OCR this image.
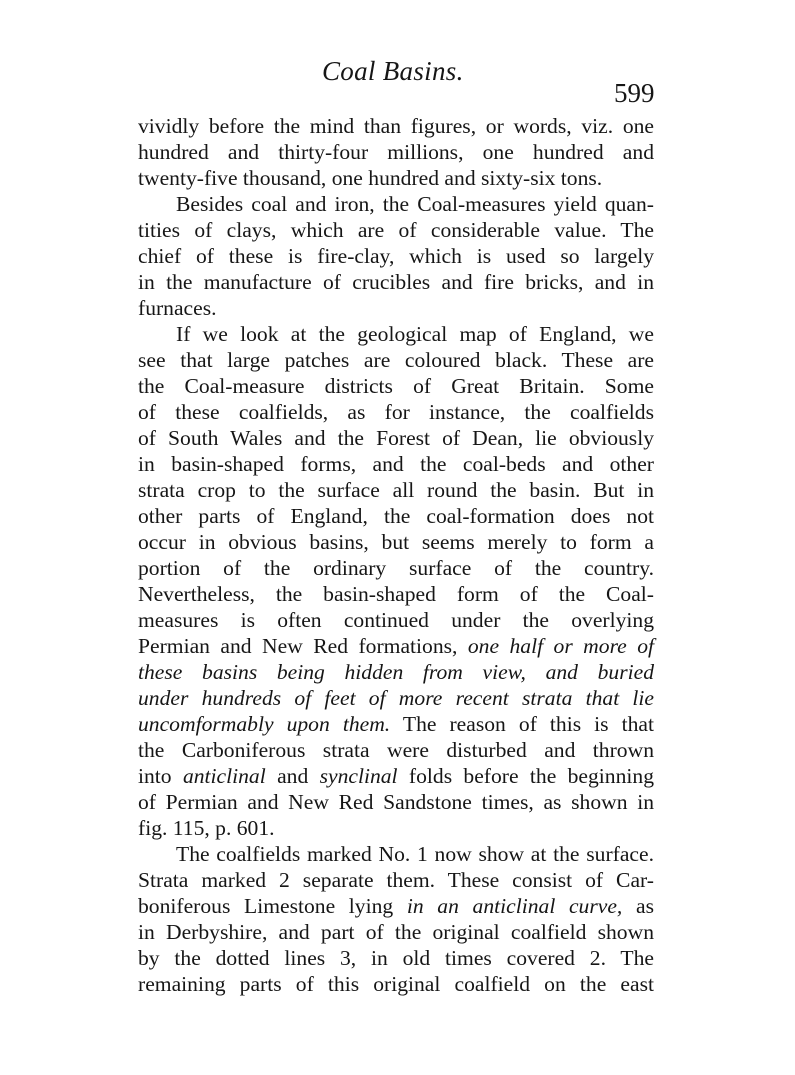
Coal Basins.
599
vividly before the mind than figures, or words, viz. one
hundred and thirty-four millions, one hundred and
twenty-five thousand, one hundred and sixty-six tons.
Besides coal and iron, the Coal-measures yield quan-
tities of clays, which are of considerable value. The
chief of these is fire-clay, which is used so largely
in the manufacture of crucibles and fire bricks, and in
furnaces.
If we look at the geological map of England, we
see that large patches are coloured black. These are
the Coal-measure districts of Great Britain. Some
of these coalfields, as for instance, the coalfields
of South Wales and the Forest of Dean, lie obviously
in basin-shaped forms, and the coal-beds and other
strata crop to the surface all round the basin. But in
other parts of England, the coal-formation does not
occur in obvious basins, but seems merely to form a
portion of the ordinary surface of the country.
Nevertheless, the basin-shaped form of the Coal-
measures is often continued under the overlying
Permian and New Red formations, one half or more of
these basins being hidden from view, and buried
under hundreds of feet of more recent strata that lie
uncomformably upon them. The reason of this is that
the Carboniferous strata were disturbed and thrown
into anticlinal and synclinal folds before the beginning
of Permian and New Red Sandstone times, as shown in
fig. 115, p. 601.
The coalfields marked No. 1 now show at the surface.
Strata marked 2 separate them. These consist of Car-
boniferous Limestone lying in an anticlinal curve, as
in Derbyshire, and part of the original coalfield shown
by the dotted lines 3, in old times covered 2. The
remaining parts of this original coalfield on the east
